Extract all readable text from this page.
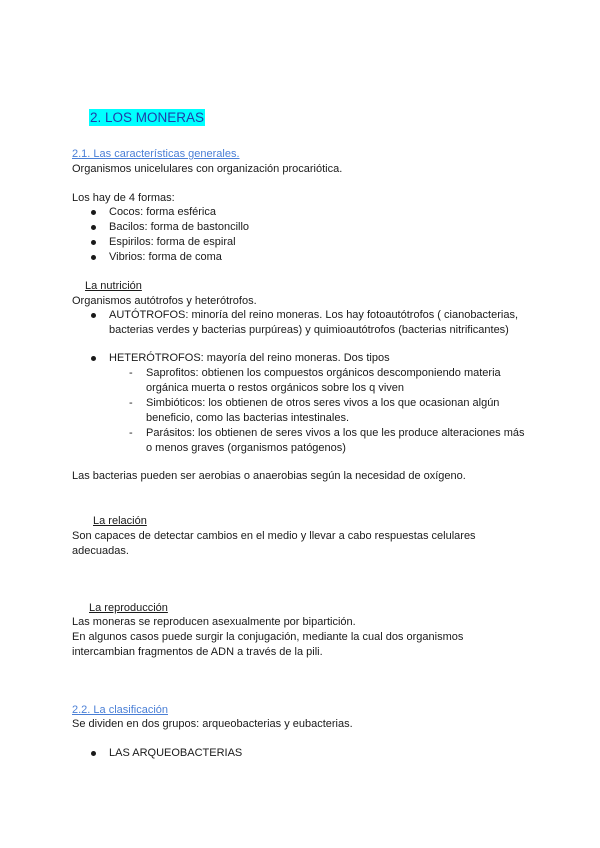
2. LOS MONERAS
2.1. Las características generales.
Organismos unicelulares con organización procariótica.
Los hay de 4 formas:
Cocos: forma esférica
Bacilos: forma de bastoncillo
Espirilos: forma de espiral
Vibrios: forma de coma
La nutrición
Organismos autótrofos y heterótrofos.
AUTÓTROFOS: minoría del reino moneras. Los hay fotoautótrofos ( cianobacterias,
bacterias verdes y bacterias purpúreas) y quimioautótrofos (bacterias nitrificantes)
HETERÓTROFOS: mayoría del reino moneras. Dos tipos
- Saprofitos: obtienen los compuestos orgánicos descomponiendo materia
orgánica muerta o restos orgánicos sobre los q viven
- Simbióticos: los obtienen de otros seres vivos a los que ocasionan algún
beneficio, como las bacterias intestinales.
- Parásitos: los obtienen de seres vivos a los que les produce alteraciones más
o menos graves (organismos patógenos)
Las bacterias pueden ser aerobias o anaerobias según la necesidad de oxígeno.
La relación
Son capaces de detectar cambios en el medio y llevar a cabo respuestas celulares
adecuadas.
La reproducción
Las moneras se reproducen asexualmente por bipartición.
En algunos casos puede surgir la conjugación, mediante la cual dos organismos
intercambian fragmentos de ADN a través de la pili.
2.2. La clasificación
Se dividen en dos grupos: arqueobacterias y eubacterias.
LAS ARQUEOBACTERIAS
